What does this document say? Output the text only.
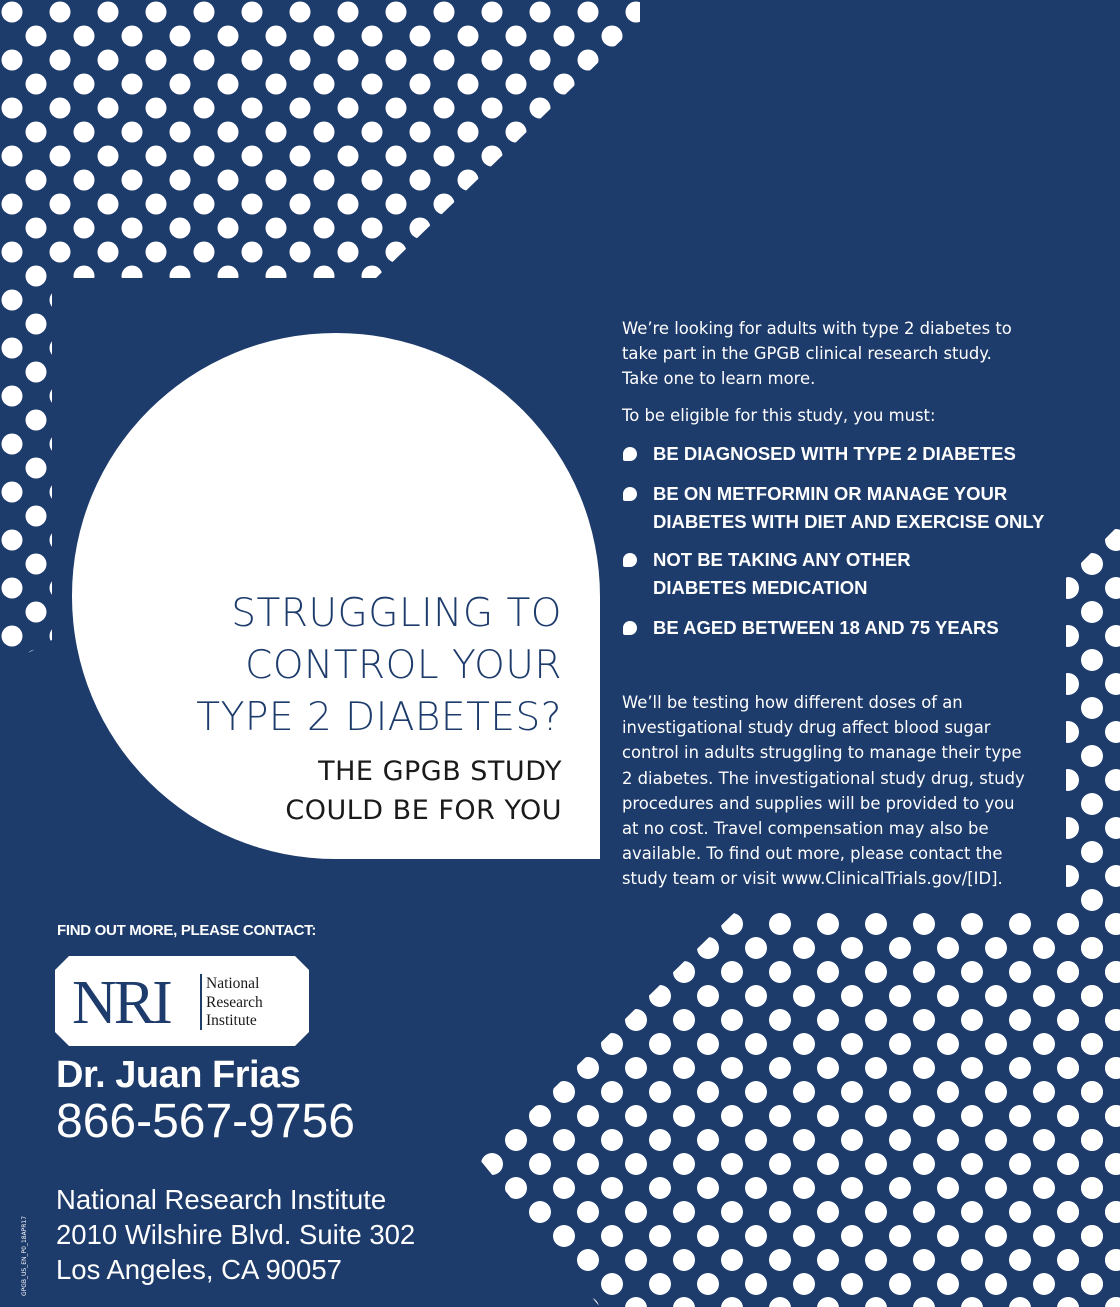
STRUGGLING TO
CONTROL YOUR
TYPE 2 DIABETES?
THE GPGB STUDY
COULD BE FOR YOU
We’re looking for adults with type 2 diabetes to
take part in the GPGB clinical research study.
Take one to learn more.
To be eligible for this study, you must:
BE DIAGNOSED WITH TYPE 2 DIABETES
BE ON METFORMIN OR MANAGE YOUR
DIABETES WITH DIET AND EXERCISE ONLY
NOT BE TAKING ANY OTHER
DIABETES MEDICATION
BE AGED BETWEEN 18 AND 75 YEARS
We’ll be testing how different doses of an
investigational study drug affect blood sugar
control in adults struggling to manage their type
2 diabetes. The investigational study drug, study
procedures and supplies will be provided to you
at no cost. Travel compensation may also be
available. To find out more, please contact the
study team or visit www.ClinicalTrials.gov/[ID].
FIND OUT MORE, PLEASE CONTACT:
NRI National
Research
Institute
Dr. Juan Frias
866-567-9756
National Research Institute
2010 Wilshire Blvd. Suite 302
Los Angeles, CA 90057
GPGB_US_EN_P0_18APR17
